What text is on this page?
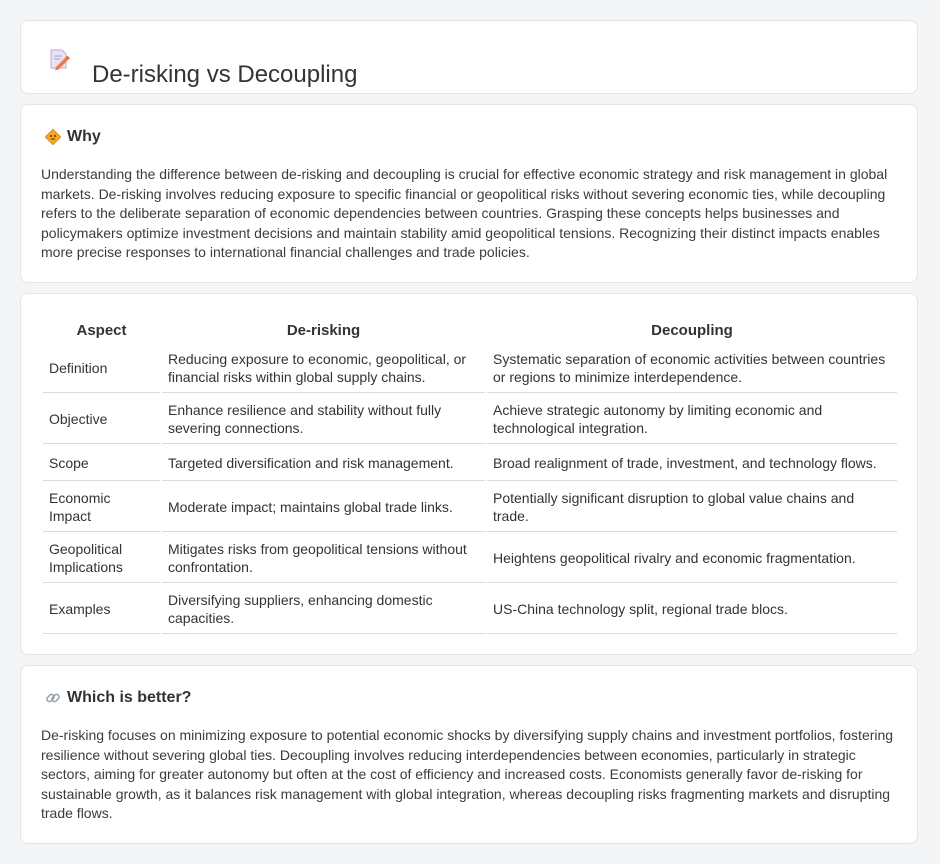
De-risking vs Decoupling
Why

Understanding the difference between de-risking and decoupling is crucial for effective economic strategy and risk management in global markets. De-risking involves reducing exposure to specific financial or geopolitical risks without severing economic ties, while decoupling refers to the deliberate separation of economic dependencies between countries. Grasping these concepts helps businesses and policymakers optimize investment decisions and maintain stability amid geopolitical tensions. Recognizing their distinct impacts enables more precise responses to international financial challenges and trade policies.

Aspect	De-risking	Decoupling
Definition	Reducing exposure to economic, geopolitical, or financial risks within global supply chains.	Systematic separation of economic activities between countries or regions to minimize interdependence.
Objective	Enhance resilience and stability without fully severing connections.	Achieve strategic autonomy by limiting economic and technological integration.
Scope	Targeted diversification and risk management.	Broad realignment of trade, investment, and technology flows.
Economic Impact	Moderate impact; maintains global trade links.	Potentially significant disruption to global value chains and trade.
Geopolitical Implications	Mitigates risks from geopolitical tensions without confrontation.	Heightens geopolitical rivalry and economic fragmentation.
Examples	Diversifying suppliers, enhancing domestic capacities.	US-China technology split, regional trade blocs.
Which is better?

De-risking focuses on minimizing exposure to potential economic shocks by diversifying supply chains and investment portfolios, fostering resilience without severing global ties. Decoupling involves reducing interdependencies between economies, particularly in strategic sectors, aiming for greater autonomy but often at the cost of efficiency and increased costs. Economists generally favor de-risking for sustainable growth, as it balances risk management with global integration, whereas decoupling risks fragmenting markets and disrupting trade flows.
